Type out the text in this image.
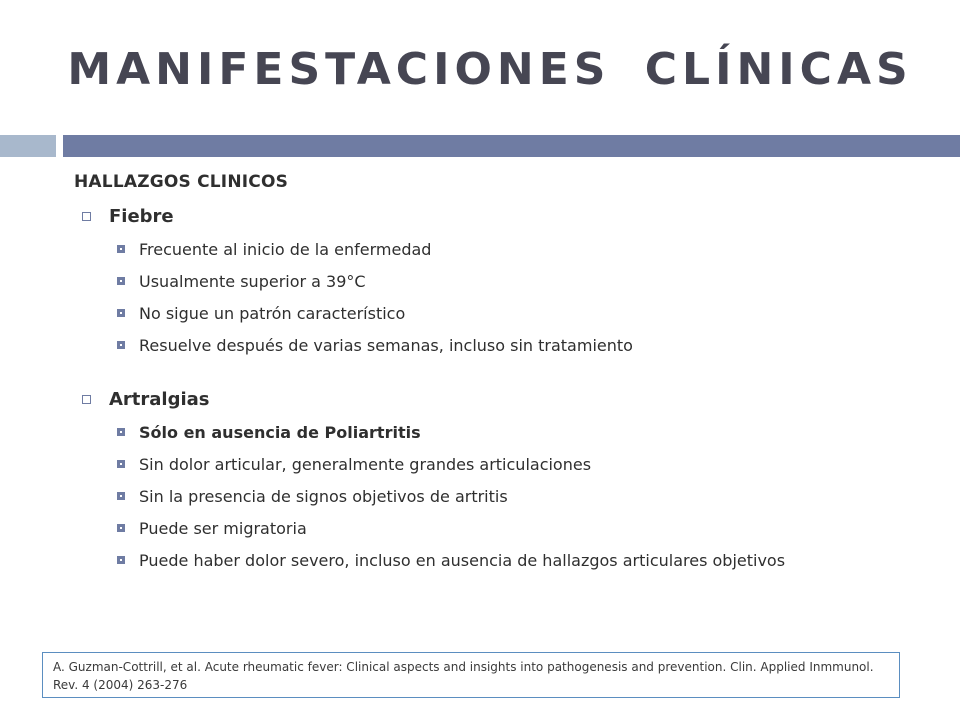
MANIFESTACIONES CLÍNICAS
HALLAZGOS CLINICOS
Fiebre
Frecuente al inicio de la enfermedad
Usualmente superior a 39°C
No sigue un patrón característico
Resuelve después de varias semanas, incluso sin tratamiento
Artralgias
Sólo en ausencia de Poliartritis
Sin dolor articular, generalmente grandes articulaciones
Sin la presencia de signos objetivos de artritis
Puede ser migratoria
Puede haber dolor severo, incluso en ausencia de hallazgos articulares objetivos
A. Guzman-Cottrill, et al. Acute rheumatic fever: Clinical aspects and insights into pathogenesis and prevention. Clin. Applied Inmmunol. Rev. 4 (2004) 263-276
